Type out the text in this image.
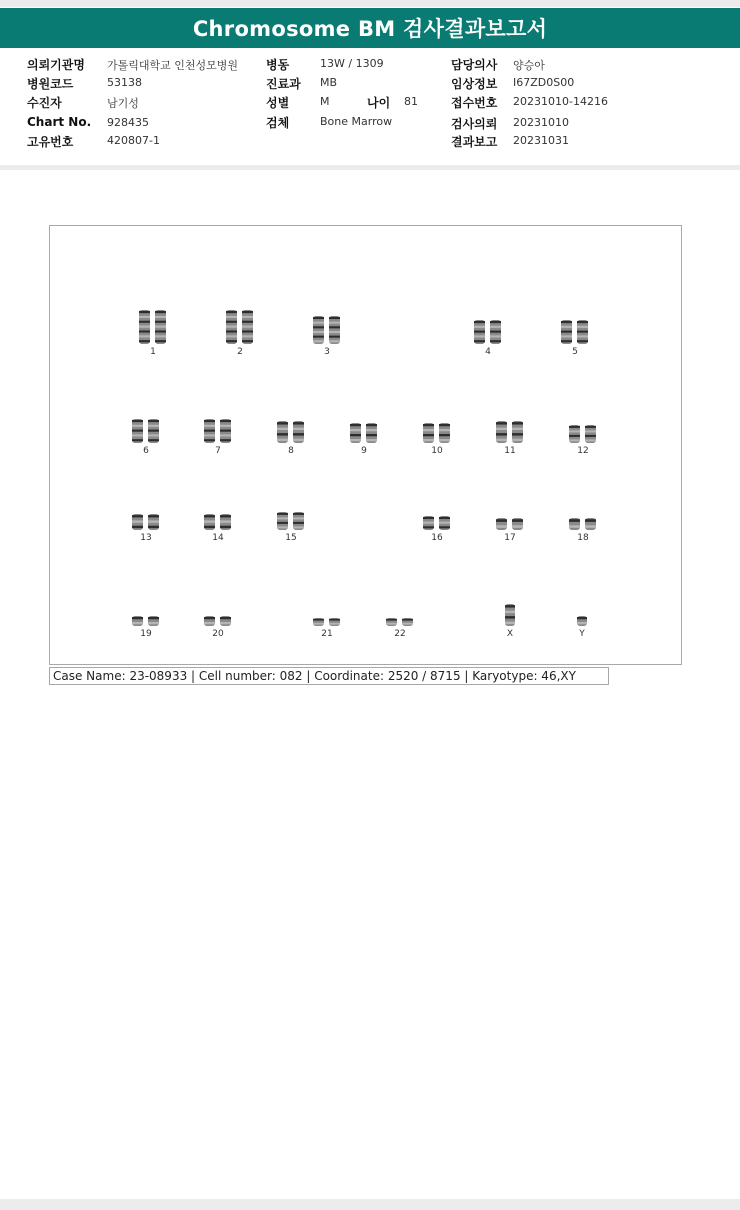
Chromosome BM 검사결과보고서
의뢰기관명 가톨릭대학교 인천성모병원
병원코드	53138
수진자	남기성
Chart No. 928435
고유번호	420807-1
병동	13W / 1309
진료과 MB
성별	M	나이 81
검체	Bone Marrow
담당의사 양승아
임상정보 I67ZD0S00
접수번호 20231010-14216
검사의뢰 20231010
결과보고 20231031
1	2	3	4	5
6	7	8	9	10	11	12
13	14	15	16	17	18
19	20	21	22	X	Y
Case Name: 23-08933 | Cell number: 082 | Coordinate: 2520 / 8715 | Karyotype: 46,XY
